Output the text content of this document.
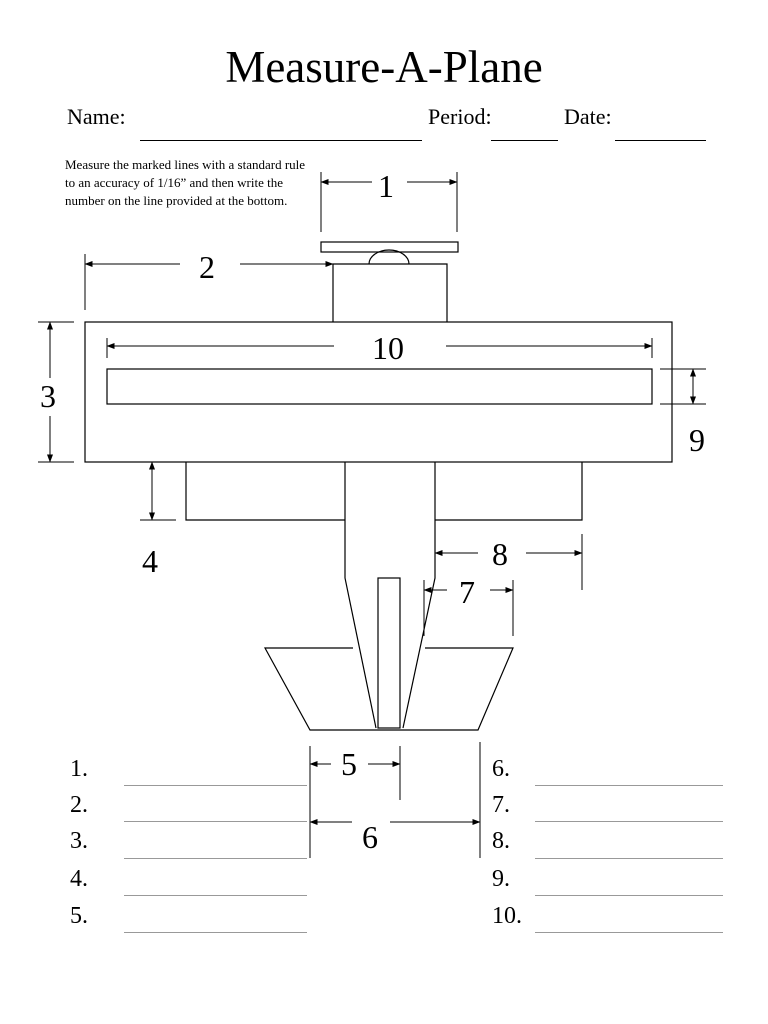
Measure-A-Plane
Name:	Period:	Date:
Measure the marked lines with a standard rule to an accuracy of 1/16” and then write the number on the line provided at the bottom.	1
2
3
4
5
6
7
8
9
10
1.
2.
3.
4.
5.
6.
7.
8.
9.
10.
